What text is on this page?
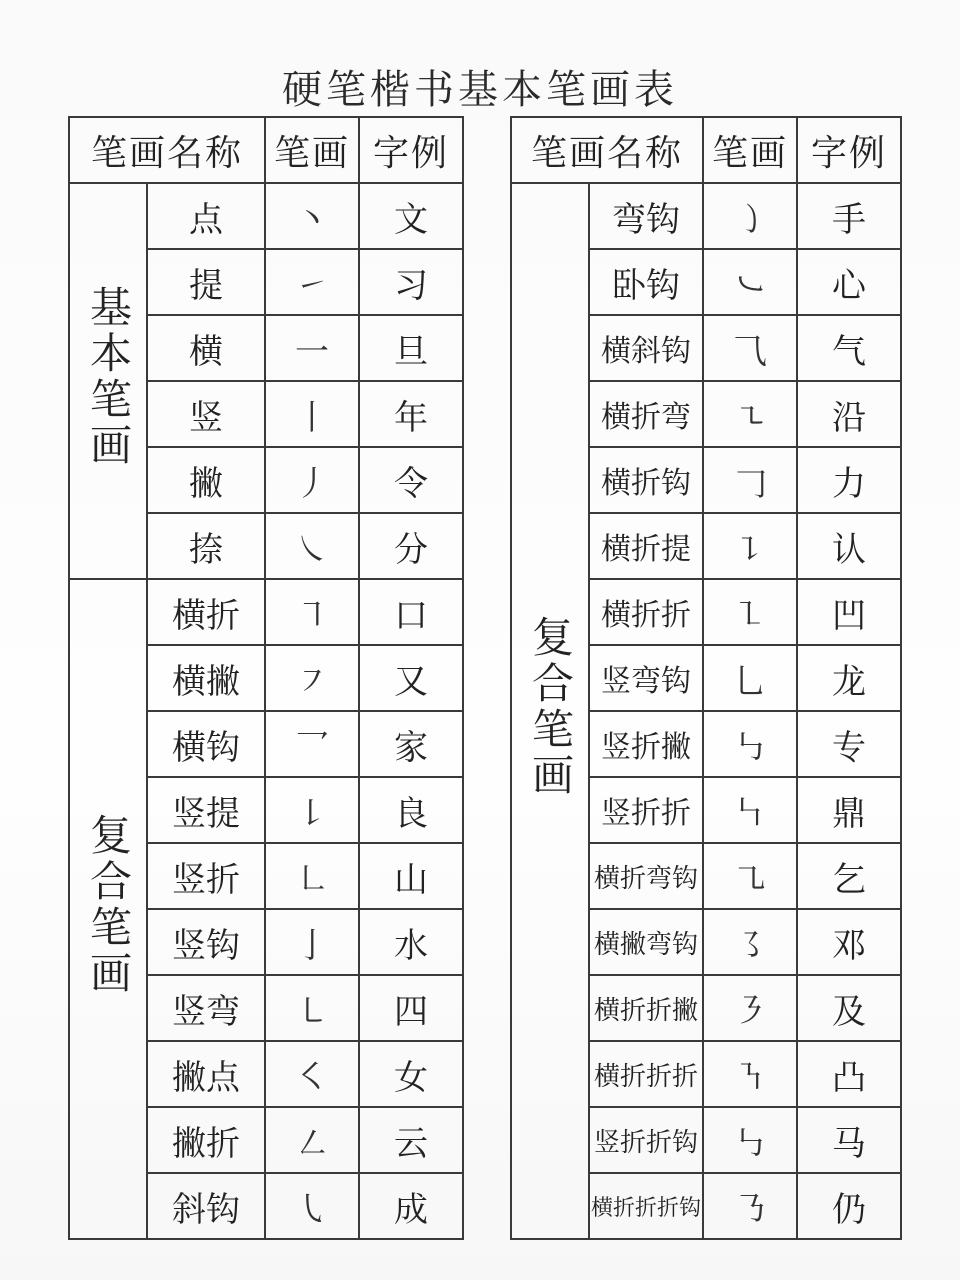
硬笔楷书基本笔画表
笔画名称		笔画	字例
基本笔画	点	丶	文
	提	㇀	习
	横	一	旦
	竖	丨	年
	撇	丿	令
	捺	㇏	分
复合笔画	横折	㇕	口
	横撇	㇇	又
	横钩	乛	家
	竖提	㇙	良
	竖折	㇗	山
	竖钩	亅	水
	竖弯	㇄	四
	撇点	㇛	女
	撇折	㇜	云
	斜钩	㇂	成
笔画名称		笔画	字例
复合笔画	弯钩	㇁	手
	卧钩	㇃	心
	横斜钩	⺄	气
	横折弯	㇍	沿
	横折钩	𠃌	力
	横折提	㇊	认
	横折折	㇅	凹
	竖弯钩	乚	龙
	竖折撇	㇉	专
	竖折折	㇞	鼎
	横折弯钩	㇈	乞
	横撇弯钩	㇌	邓
	横折折撇	㇋	及
	横折折折	㇎	凸
	竖折折钩	㇉	马
	横折折折钩	㇡	仍
